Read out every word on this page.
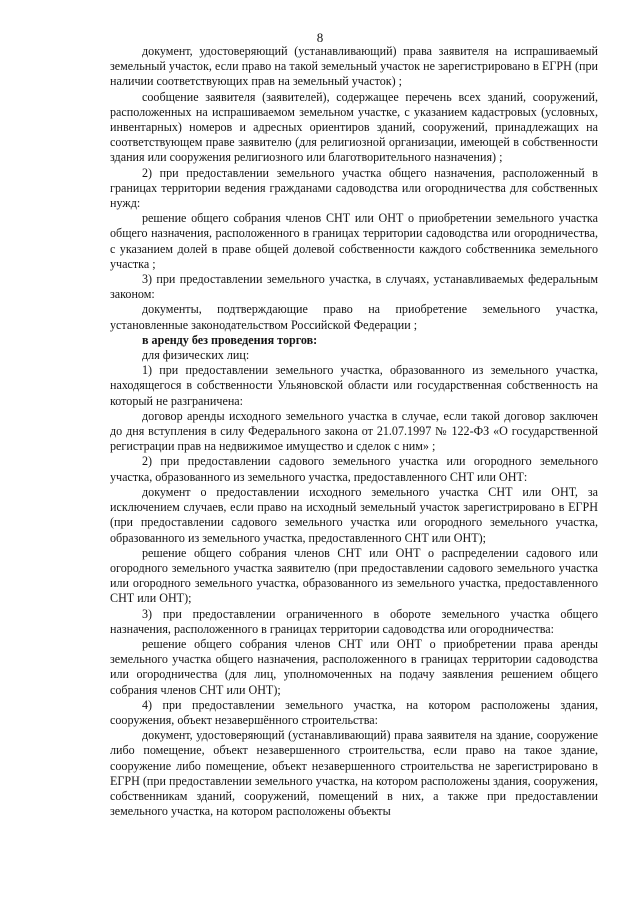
8

документ, удостоверяющий (устанавливающий) права заявителя на испрашиваемый земельный участок, если право на такой земельный участок не зарегистрировано в ЕГРН (при наличии соответствующих прав на земельный участок) ;

сообщение заявителя (заявителей), содержащее перечень всех зданий, сооружений, расположенных на испрашиваемом земельном участке, с указанием кадастровых (условных, инвентарных) номеров и адресных ориентиров зданий, сооружений, принадлежащих на соответствующем праве заявителю (для религиозной организации, имеющей в собственности здания или сооружения религиозного или благотворительного назначения) ;

2) при предоставлении земельного участка общего назначения, расположенный в границах территории ведения гражданами садоводства или огородничества для собственных нужд:

решение общего собрания членов СНТ или ОНТ о приобретении земельного участка общего назначения, расположенного в границах территории садоводства или огородничества, с указанием долей в праве общей долевой собственности каждого собственника земельного участка ;

3) при предоставлении земельного участка, в случаях, устанавливаемых федеральным законом:

документы, подтверждающие право на приобретение земельного участка, установленные законодательством Российской Федерации ;

в аренду без проведения торгов:

для физических лиц:

1) при предоставлении земельного участка, образованного из земельного участка, находящегося в собственности Ульяновской области или государственная собственность на который не разграничена:

договор аренды исходного земельного участка в случае, если такой договор заключен до дня вступления в силу Федерального закона от 21.07.1997 № 122-ФЗ «О государственной регистрации прав на недвижимое имущество и сделок с ним» ;

2) при предоставлении садового земельного участка или огородного земельного участка, образованного из земельного участка, предоставленного СНТ или ОНТ:

документ о предоставлении исходного земельного участка СНТ или ОНТ, за исключением случаев, если право на исходный земельный участок зарегистрировано в ЕГРН (при предоставлении садового земельного участка или огородного земельного участка, образованного из земельного участка, предоставленного СНТ или ОНТ);

решение общего собрания членов СНТ или ОНТ о распределении садового или огородного земельного участка заявителю (при предоставлении садового земельного участка или огородного земельного участка, образованного из земельного участка, предоставленного СНТ или ОНТ);

3) при предоставлении ограниченного в обороте земельного участка общего назначения, расположенного в границах территории садоводства или огородничества:

решение общего собрания членов СНТ или ОНТ о приобретении права аренды земельного участка общего назначения, расположенного в границах территории садоводства или огородничества (для лиц, уполномоченных на подачу заявления решением общего собрания членов СНТ или ОНТ);

4) при предоставлении земельного участка, на котором расположены здания, сооружения, объект незавершённого строительства:

документ, удостоверяющий (устанавливающий) права заявителя на здание, сооружение либо помещение, объект незавершенного строительства, если право на такое здание, сооружение либо помещение, объект незавершенного строительства не зарегистрировано в ЕГРН (при предоставлении земельного участка, на котором расположены здания, сооружения, собственникам зданий, сооружений, помещений в них, а также при предоставлении земельного участка, на котором расположены объекты
